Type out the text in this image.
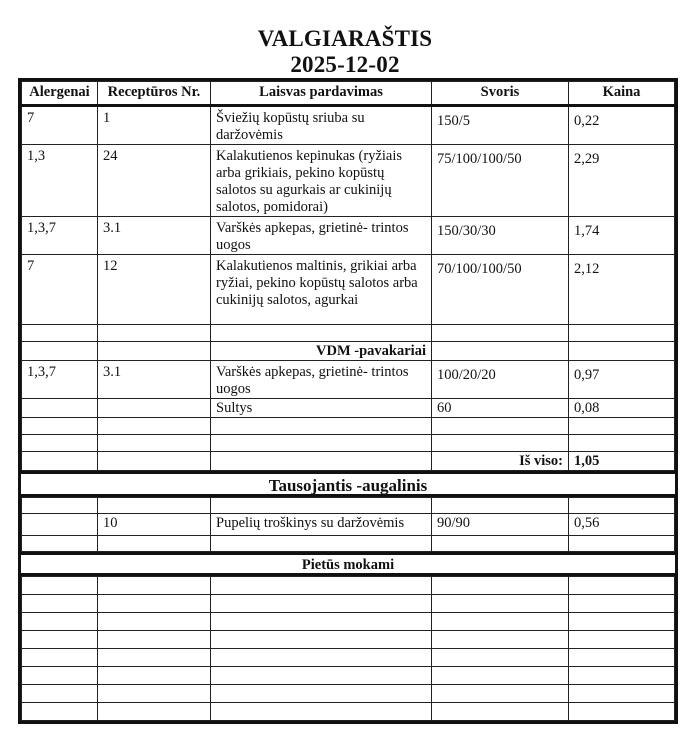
VALGIARAŠTIS
2025-12-02
Alergenai	Receptūros Nr.	Laisvas pardavimas	Svoris	Kaina
7	1	Šviežių kopūstų sriuba su daržovėmis	150/5	0,22
1,3	24	Kalakutienos kepinukas (ryžiais arba grikiais, pekino kopūstų salotos su agurkais ar cukinijų salotos, pomidorai)	75/100/100/50	2,29
1,3,7	3.1	Varškės apkepas, grietinė- trintos uogos	150/30/30	1,74
7	12	Kalakutienos maltinis, grikiai arba ryžiai, pekino kopūstų salotos arba cukinijų salotos, agurkai	70/100/100/50	2,12

		VDM -pavakariai		
1,3,7	3.1	Varškės apkepas, grietinė- trintos uogos	100/20/20	0,97
		Sultys	60	0,08

			Iš viso:	1,05
Tausojantis -augalinis

	10	Pupelių troškinys su daržovėmis	90/90	0,56

Pietūs mokami
